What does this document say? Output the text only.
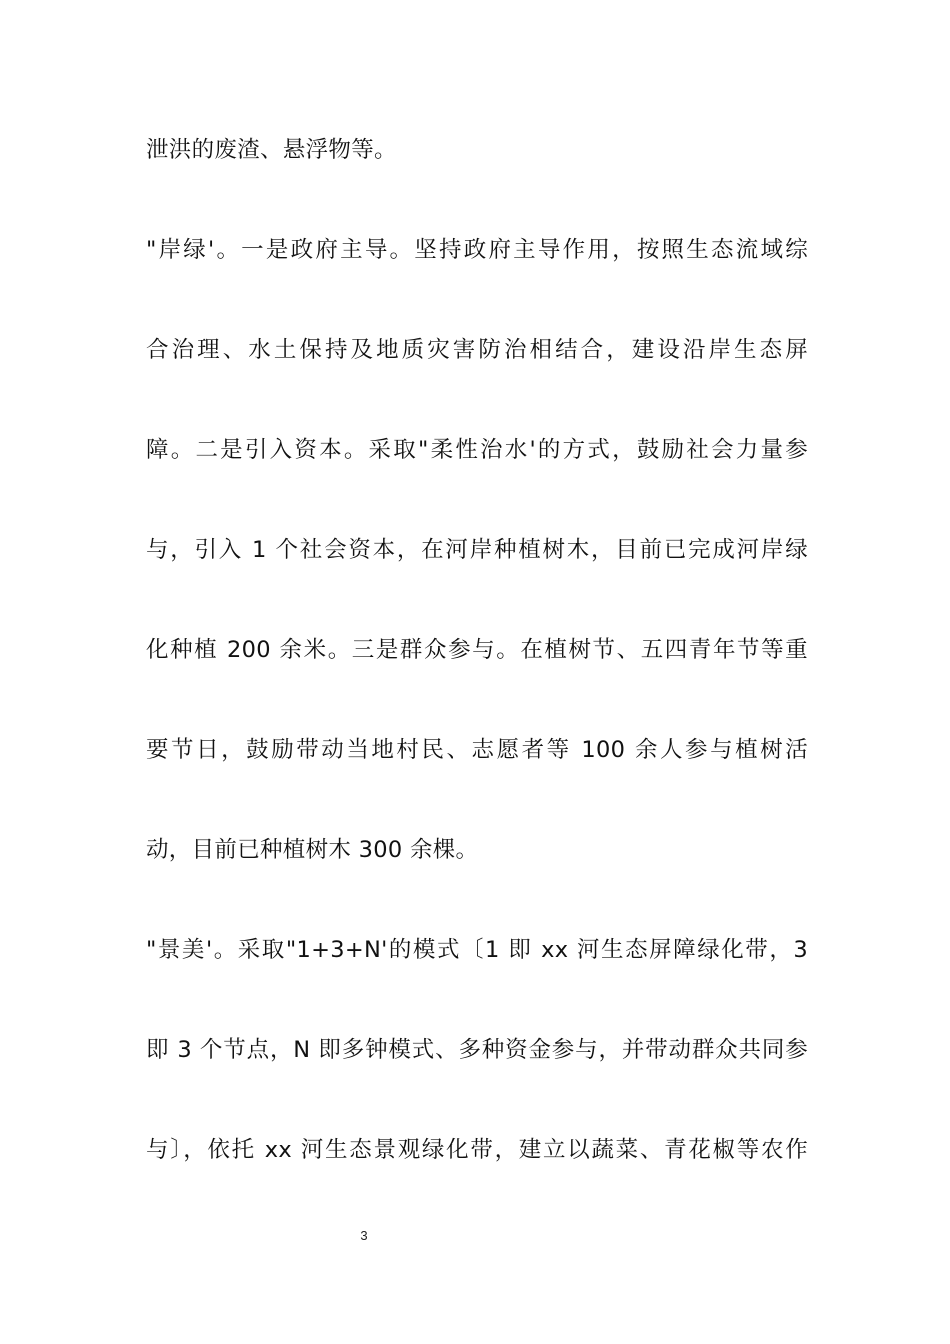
泄洪的废渣、悬浮物等。

"岸绿'。一是政府主导。坚持政府主导作用，按照生态流域综

合治理、水土保持及地质灾害防治相结合，建设沿岸生态屏

障。二是引入资本。采取"柔性治水'的方式，鼓励社会力量参

与，引入 1 个社会资本，在河岸种植树木，目前已完成河岸绿

化种植 200 余米。三是群众参与。在植树节、五四青年节等重

要节日，鼓励带动当地村民、志愿者等 100 余人参与植树活

动，目前已种植树木 300 余棵。

"景美'。采取"1+3+N'的模式〔1 即 xx 河生态屏障绿化带，3

即 3 个节点，N 即多钟模式、多种资金参与，并带动群众共同参

与〕，依托 xx 河生态景观绿化带，建立以蔬菜、青花椒等农作

3
